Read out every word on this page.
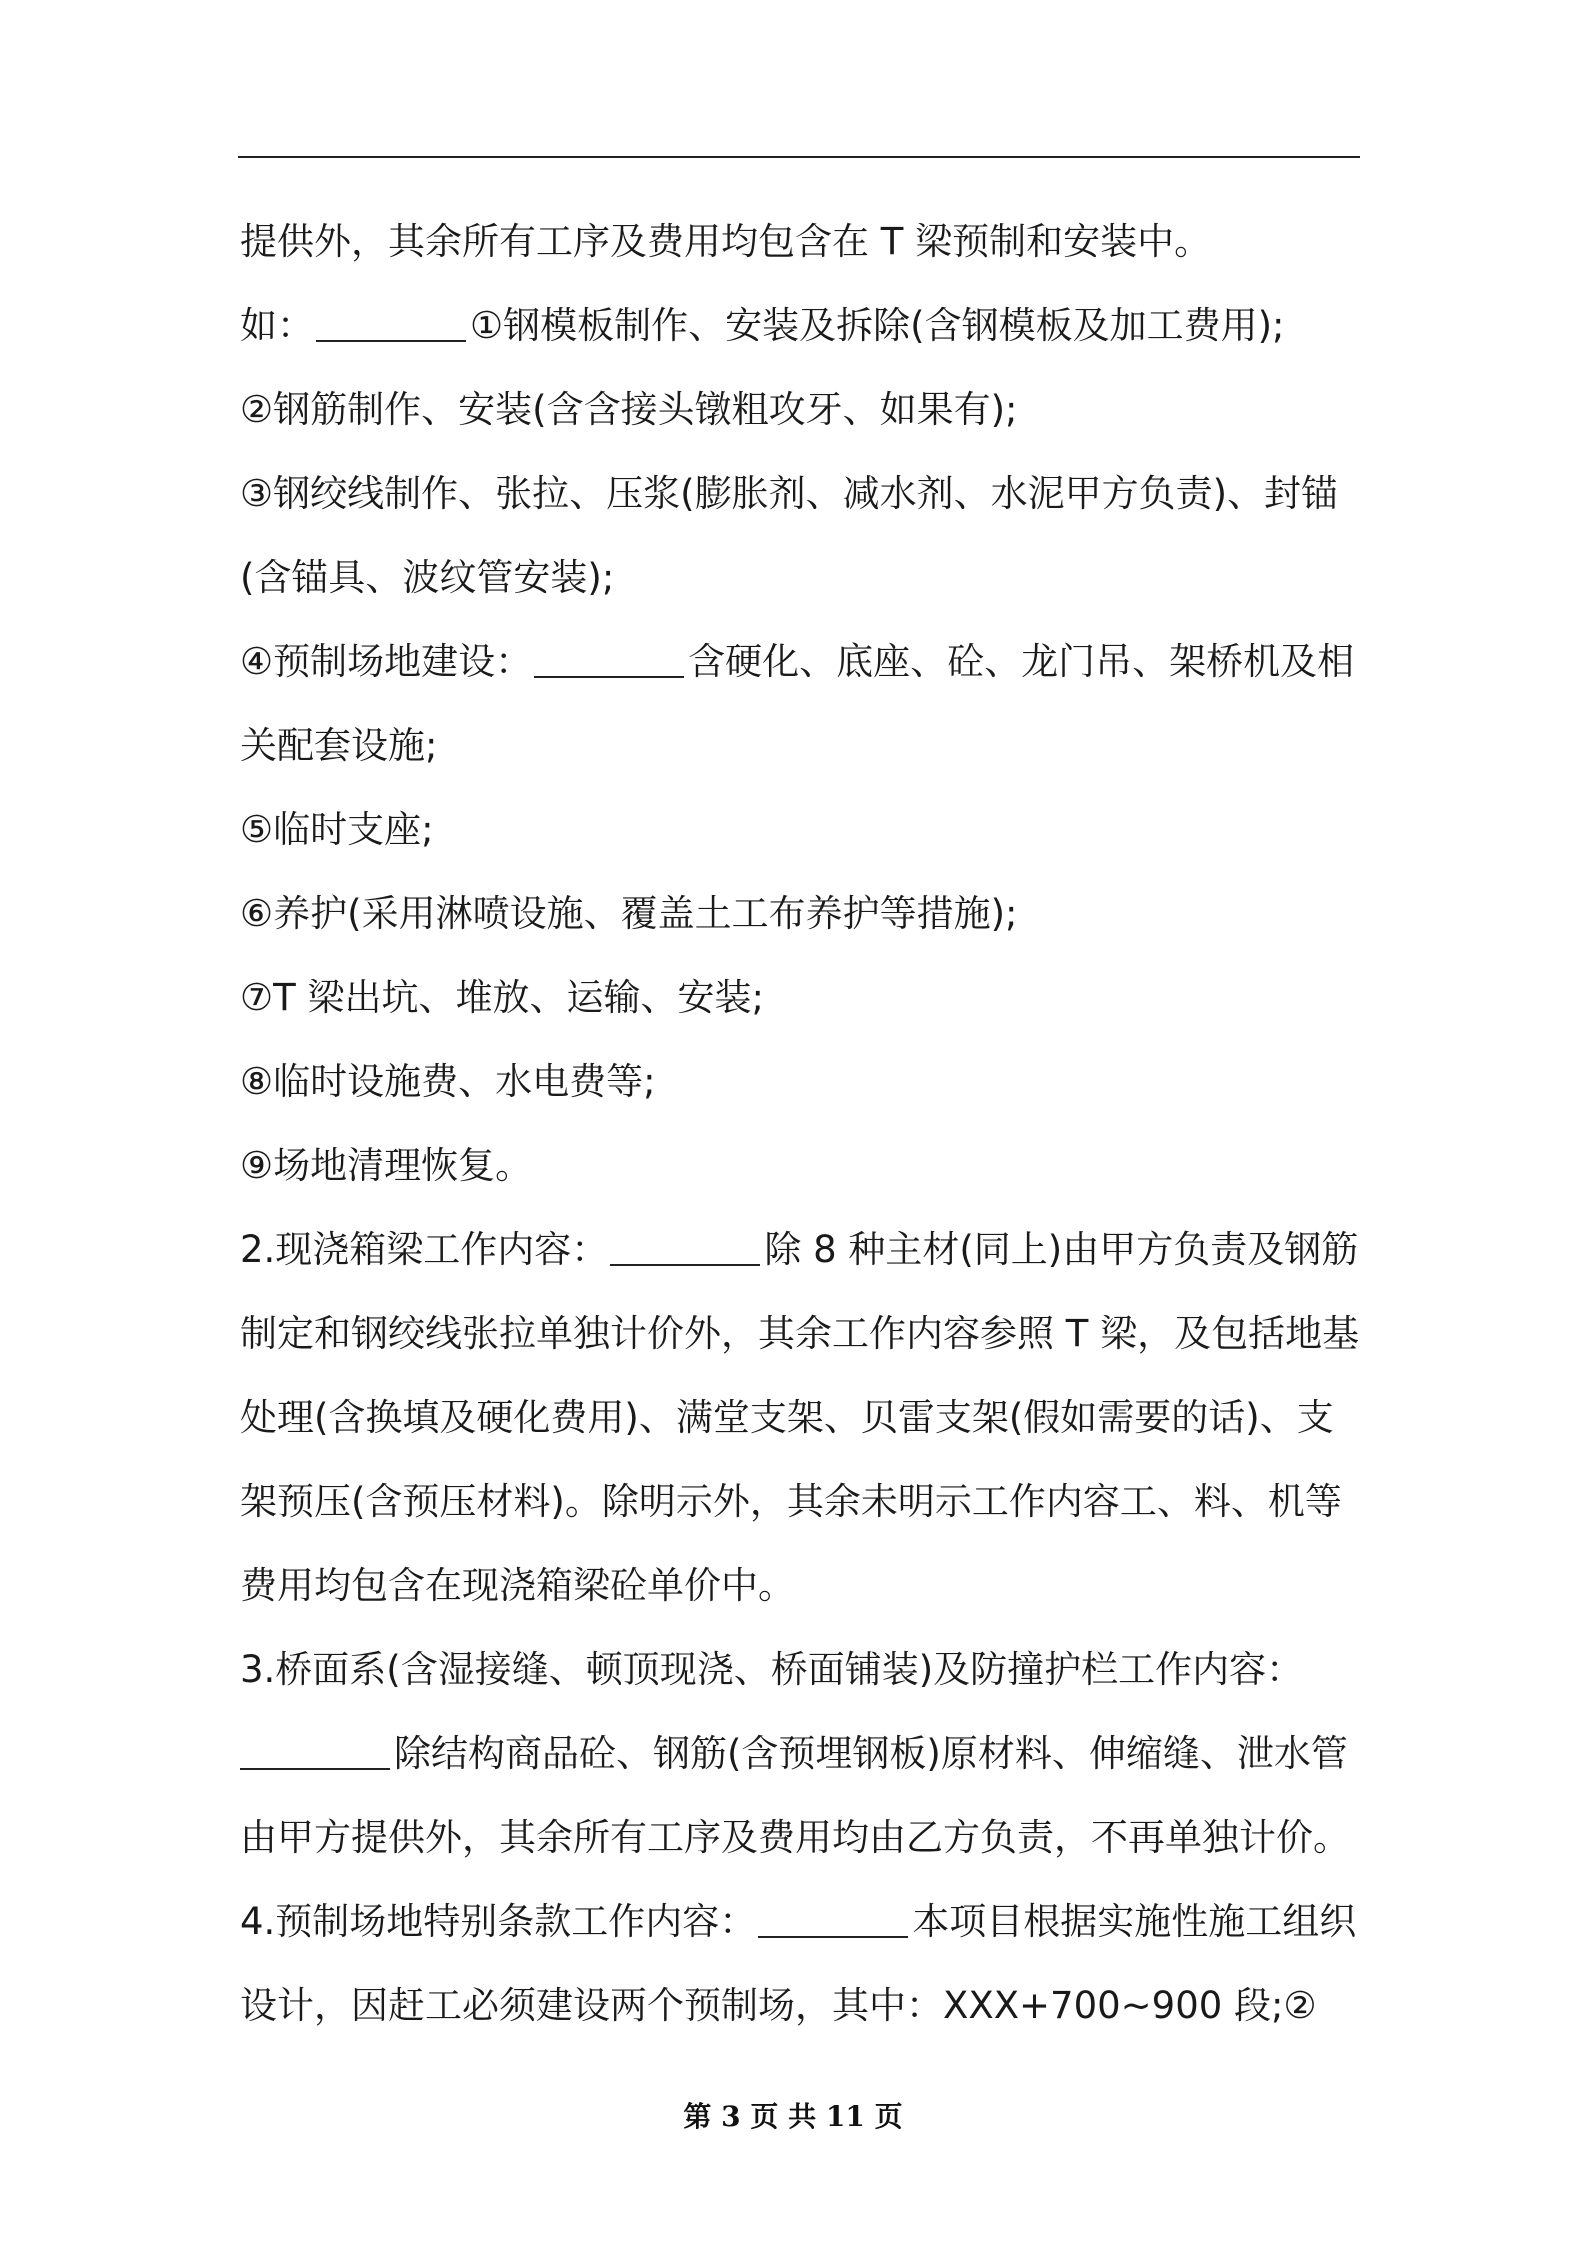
提供外，其余所有工序及费用均包含在 T 梁预制和安装中。
如：	①钢模板制作、安装及拆除(含钢模板及加工费用);
②钢筋制作、安装(含含接头镦粗攻牙、如果有);
③钢绞线制作、张拉、压浆(膨胀剂、减水剂、水泥甲方负责)、封锚
(含锚具、波纹管安装);
④预制场地建设：	含硬化、底座、砼、龙门吊、架桥机及相
关配套设施;
⑤临时支座;
⑥养护(采用淋喷设施、覆盖土工布养护等措施);
⑦T 梁出坑、堆放、运输、安装;
⑧临时设施费、水电费等;
⑨场地清理恢复。
2.现浇箱梁工作内容：	除 8 种主材(同上)由甲方负责及钢筋
制定和钢绞线张拉单独计价外，其余工作内容参照 T 梁，及包括地基
处理(含换填及硬化费用)、满堂支架、贝雷支架(假如需要的话)、支
架预压(含预压材料)。除明示外，其余未明示工作内容工、料、机等
费用均包含在现浇箱梁砼单价中。
3.桥面系(含湿接缝、顿顶现浇、桥面铺装)及防撞护栏工作内容：
除结构商品砼、钢筋(含预埋钢板)原材料、伸缩缝、泄水管
由甲方提供外，其余所有工序及费用均由乙方负责，不再单独计价。
4.预制场地特别条款工作内容：	本项目根据实施性施工组织
设计，因赶工必须建设两个预制场，其中：XXX+700~900 段;②
第 3 页 共 11 页
